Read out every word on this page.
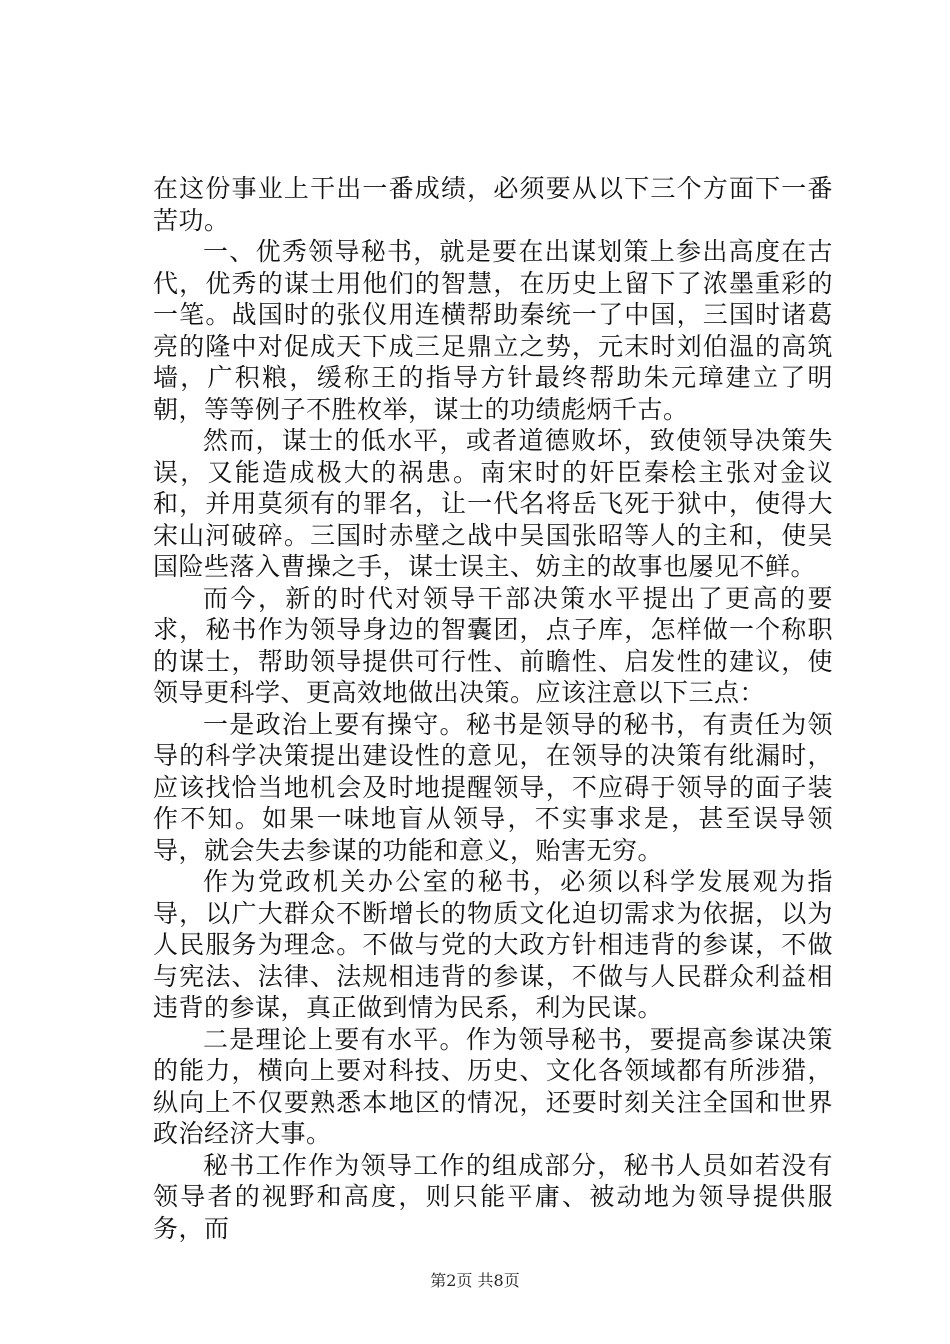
在这份事业上干出一番成绩，必须要从以下三个方面下一番苦功。

一、优秀领导秘书，就是要在出谋划策上参出高度在古代，优秀的谋士用他们的智慧，在历史上留下了浓墨重彩的一笔。战国时的张仪用连横帮助秦统一了中国，三国时诸葛亮的隆中对促成天下成三足鼎立之势，元末时刘伯温的高筑墙，广积粮，缓称王的指导方针最终帮助朱元璋建立了明朝，等等例子不胜枚举，谋士的功绩彪炳千古。

然而，谋士的低水平，或者道德败坏，致使领导决策失误，又能造成极大的祸患。南宋时的奸臣秦桧主张对金议和，并用莫须有的罪名，让一代名将岳飞死于狱中，使得大宋山河破碎。三国时赤壁之战中吴国张昭等人的主和，使吴国险些落入曹操之手，谋士误主、妨主的故事也屡见不鲜。

而今，新的时代对领导干部决策水平提出了更高的要求，秘书作为领导身边的智囊团，点子库，怎样做一个称职的谋士，帮助领导提供可行性、前瞻性、启发性的建议，使领导更科学、更高效地做出决策。应该注意以下三点：

一是政治上要有操守。秘书是领导的秘书，有责任为领导的科学决策提出建设性的意见，在领导的决策有纰漏时，应该找恰当地机会及时地提醒领导，不应碍于领导的面子装作不知。如果一味地盲从领导，不实事求是，甚至误导领导，就会失去参谋的功能和意义，贻害无穷。

作为党政机关办公室的秘书，必须以科学发展观为指导，以广大群众不断增长的物质文化迫切需求为依据，以为人民服务为理念。不做与党的大政方针相违背的参谋，不做与宪法、法律、法规相违背的参谋，不做与人民群众利益相违背的参谋，真正做到情为民系，利为民谋。

二是理论上要有水平。作为领导秘书，要提高参谋决策的能力，横向上要对科技、历史、文化各领域都有所涉猎，纵向上不仅要熟悉本地区的情况，还要时刻关注全国和世界政治经济大事。

秘书工作作为领导工作的组成部分，秘书人员如若没有领导者的视野和高度，则只能平庸、被动地为领导提供服务，而

第2页 共8页
